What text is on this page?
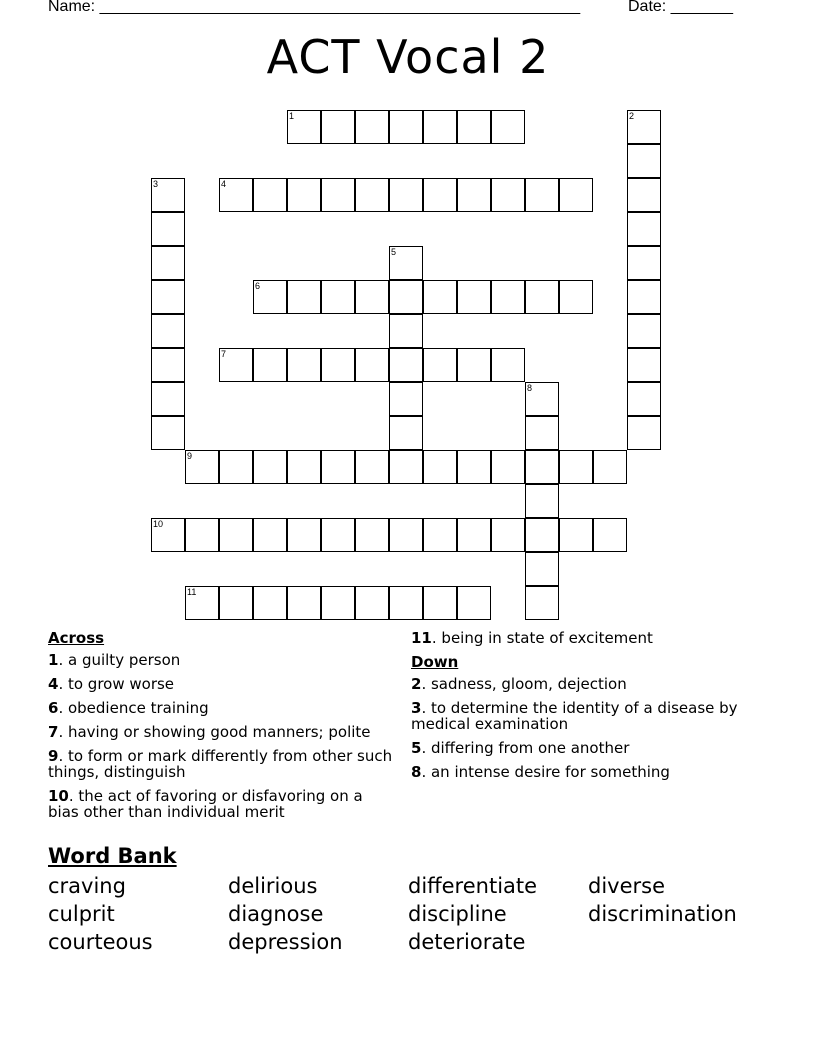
Name: ______________________________________________________	Date: _______
ACT Vocal 2
1	2
3	4
5
6
7
8
9
10
11
Across
1. a guilty person
4. to grow worse
6. obedience training
7. having or showing good manners; polite
9. to form or mark differently from other such things, distinguish
10. the act of favoring or disfavoring on a bias other than individual merit
11. being in state of excitement
Down
2. sadness, gloom, dejection
3. to determine the identity of a disease by medical examination
5. differing from one another
8. an intense desire for something
Word Bank
craving
culprit
courteous
delirious
diagnose
depression
differentiate
discipline
deteriorate
diverse
discrimination
